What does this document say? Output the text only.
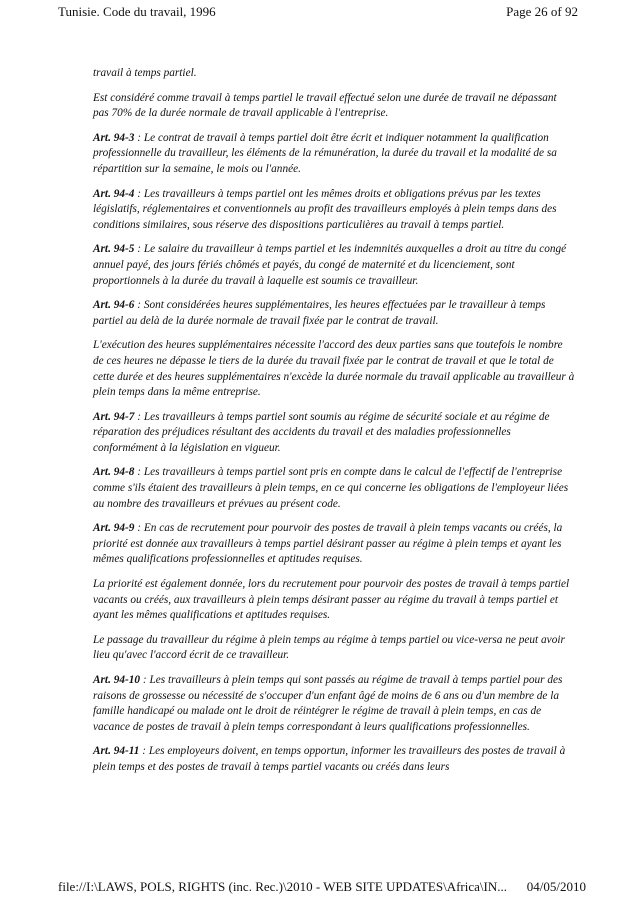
Tunisie. Code du travail, 1996	Page 26 of 92

travail à temps partiel.

Est considéré comme travail à temps partiel le travail effectué selon une durée de travail ne dépassant pas 70% de la durée normale de travail applicable à l'entreprise.

Art. 94-3 : Le contrat de travail à temps partiel doit être écrit et indiquer notamment la qualification professionnelle du travailleur, les éléments de la rémunération, la durée du travail et la modalité de sa répartition sur la semaine, le mois ou l'année.

Art. 94-4 : Les travailleurs à temps partiel ont les mêmes droits et obligations prévus par les textes législatifs, réglementaires et conventionnels au profit des travailleurs employés à plein temps dans des conditions similaires, sous réserve des dispositions particulières au travail à temps partiel.

Art. 94-5 : Le salaire du travailleur à temps partiel et les indemnités auxquelles a droit au titre du congé annuel payé, des jours fériés chômés et payés, du congé de maternité et du licenciement, sont proportionnels à la durée du travail à laquelle est soumis ce travailleur.

Art. 94-6 : Sont considérées heures supplémentaires, les heures effectuées par le travailleur à temps partiel au delà de la durée normale de travail fixée par le contrat de travail.

L'exécution des heures supplémentaires nécessite l'accord des deux parties sans que toutefois le nombre de ces heures ne dépasse le tiers de la durée du travail fixée par le contrat de travail et que le total de cette durée et des heures supplémentaires n'excède la durée normale du travail applicable au travailleur à plein temps dans la même entreprise.

Art. 94-7 : Les travailleurs à temps partiel sont soumis au régime de sécurité sociale et au régime de réparation des préjudices résultant des accidents du travail et des maladies professionnelles conformément à la législation en vigueur.

Art. 94-8 : Les travailleurs à temps partiel sont pris en compte dans le calcul de l'effectif de l'entreprise comme s'ils étaient des travailleurs à plein temps, en ce qui concerne les obligations de l'employeur liées au nombre des travailleurs et prévues au présent code.

Art. 94-9 : En cas de recrutement pour pourvoir des postes de travail à plein temps vacants ou créés, la priorité est donnée aux travailleurs à temps partiel désirant passer au régime à plein temps et ayant les mêmes qualifications professionnelles et aptitudes requises.

La priorité est également donnée, lors du recrutement pour pourvoir des postes de travail à temps partiel vacants ou créés, aux travailleurs à plein temps désirant passer au régime du travail à temps partiel et ayant les mêmes qualifications et aptitudes requises.

Le passage du travailleur du régime à plein temps au régime à temps partiel ou vice-versa ne peut avoir lieu qu'avec l'accord écrit de ce travailleur.

Art. 94-10 : Les travailleurs à plein temps qui sont passés au régime de travail à temps partiel pour des raisons de grossesse ou nécessité de s'occuper d'un enfant âgé de moins de 6 ans ou d'un membre de la famille handicapé ou malade ont le droit de réintégrer le régime de travail à plein temps, en cas de vacance de postes de travail à plein temps correspondant à leurs qualifications professionnelles.

Art. 94-11 : Les employeurs doivent, en temps opportun, informer les travailleurs des postes de travail à plein temps et des postes de travail à temps partiel vacants ou créés dans leurs

file://I:\LAWS, POLS, RIGHTS (inc. Rec.)\2010 - WEB SITE UPDATES\Africa\IN... 04/05/2010
